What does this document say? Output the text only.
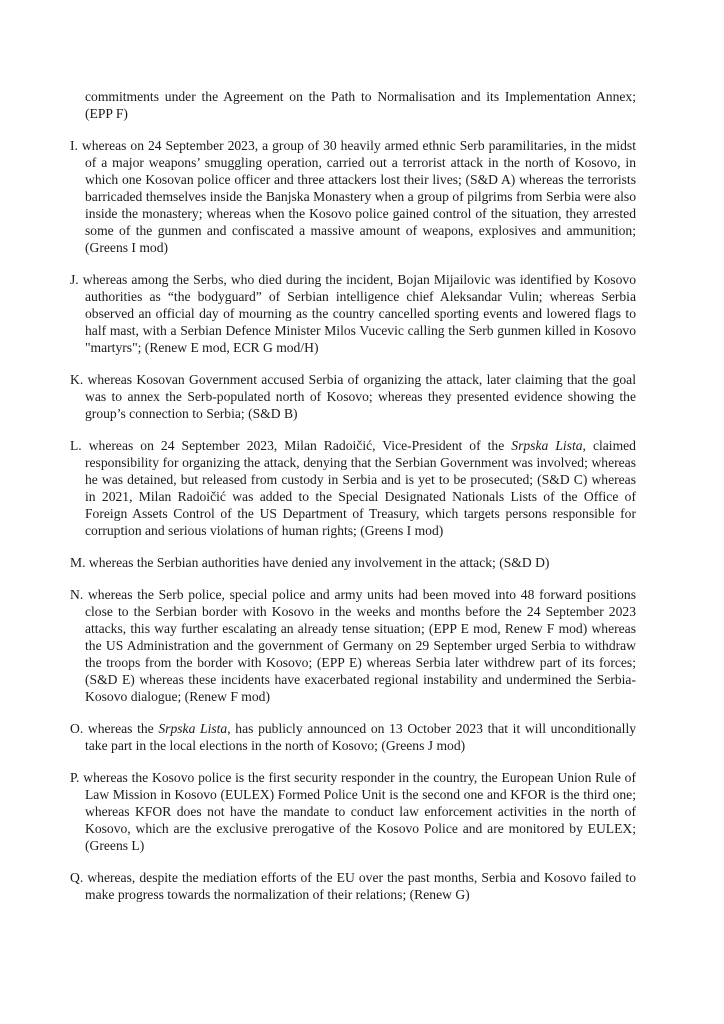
commitments under the Agreement on the Path to Normalisation and its Implementation Annex; (EPP F)

I. whereas on 24 September 2023, a group of 30 heavily armed ethnic Serb paramilitaries, in the midst of a major weapons’ smuggling operation, carried out a terrorist attack in the north of Kosovo, in which one Kosovan police officer and three attackers lost their lives; (S&D A) whereas the terrorists barricaded themselves inside the Banjska Monastery when a group of pilgrims from Serbia were also inside the monastery; whereas when the Kosovo police gained control of the situation, they arrested some of the gunmen and confiscated a massive amount of weapons, explosives and ammunition; (Greens I mod)

J. whereas among the Serbs, who died during the incident, Bojan Mijailovic was identified by Kosovo authorities as “the bodyguard” of Serbian intelligence chief Aleksandar Vulin; whereas Serbia observed an official day of mourning as the country cancelled sporting events and lowered flags to half mast, with a Serbian Defence Minister Milos Vucevic calling the Serb gunmen killed in Kosovo "martyrs"; (Renew E mod, ECR G mod/H)

K. whereas Kosovan Government accused Serbia of organizing the attack, later claiming that the goal was to annex the Serb-populated north of Kosovo; whereas they presented evidence showing the group’s connection to Serbia; (S&D B)

L. whereas on 24 September 2023, Milan Radoičić, Vice-President of the Srpska Lista, claimed responsibility for organizing the attack, denying that the Serbian Government was involved; whereas he was detained, but released from custody in Serbia and is yet to be prosecuted; (S&D C) whereas in 2021, Milan Radoičić was added to the Special Designated Nationals Lists of the Office of Foreign Assets Control of the US Department of Treasury, which targets persons responsible for corruption and serious violations of human rights; (Greens I mod)

M. whereas the Serbian authorities have denied any involvement in the attack; (S&D D)

N. whereas the Serb police, special police and army units had been moved into 48 forward positions close to the Serbian border with Kosovo in the weeks and months before the 24 September 2023 attacks, this way further escalating an already tense situation; (EPP E mod, Renew F mod) whereas the US Administration and the government of Germany on 29 September urged Serbia to withdraw the troops from the border with Kosovo; (EPP E) whereas Serbia later withdrew part of its forces; (S&D E) whereas these incidents have exacerbated regional instability and undermined the Serbia-Kosovo dialogue; (Renew F mod)

O. whereas the Srpska Lista, has publicly announced on 13 October 2023 that it will unconditionally take part in the local elections in the north of Kosovo; (Greens J mod)

P. whereas the Kosovo police is the first security responder in the country, the European Union Rule of Law Mission in Kosovo (EULEX) Formed Police Unit is the second one and KFOR is the third one; whereas KFOR does not have the mandate to conduct law enforcement activities in the north of Kosovo, which are the exclusive prerogative of the Kosovo Police and are monitored by EULEX; (Greens L)

Q. whereas, despite the mediation efforts of the EU over the past months, Serbia and Kosovo failed to make progress towards the normalization of their relations; (Renew G)
